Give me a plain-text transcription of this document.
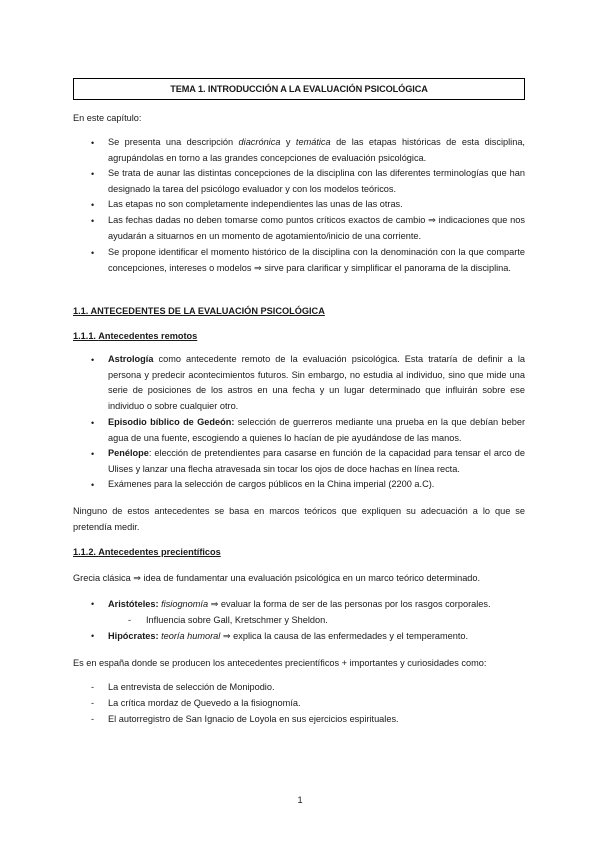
TEMA 1. INTRODUCCIÓN A LA EVALUACIÓN PSICOLÓGICA
En este capítulo:
• Se presenta una descripción diacrónica y temática de las etapas históricas de esta disciplina, agrupándolas en torno a las grandes concepciones de evaluación psicológica.
• Se trata de aunar las distintas concepciones de la disciplina con las diferentes terminologías que han designado la tarea del psicólogo evaluador y con los modelos teóricos.
• Las etapas no son completamente independientes las unas de las otras.
• Las fechas dadas no deben tomarse como puntos críticos exactos de cambio ⇒ indicaciones que nos ayudarán a situarnos en un momento de agotamiento/inicio de una corriente.
• Se propone identificar el momento histórico de la disciplina con la denominación con la que comparte concepciones, intereses o modelos ⇒ sirve para clarificar y simplificar el panorama de la disciplina.
1.1. ANTECEDENTES DE LA EVALUACIÓN PSICOLÓGICA
1.1.1. Antecedentes remotos
• Astrología como antecedente remoto de la evaluación psicológica. Esta trataría de definir a la persona y predecir acontecimientos futuros. Sin embargo, no estudia al individuo, sino que mide una serie de posiciones de los astros en una fecha y un lugar determinado que influirán sobre ese individuo o sobre cualquier otro.
• Episodio bíblico de Gedeón: selección de guerreros mediante una prueba en la que debían beber agua de una fuente, escogiendo a quienes lo hacían de pie ayudándose de las manos.
• Penélope: elección de pretendientes para casarse en función de la capacidad para tensar el arco de Ulises y lanzar una flecha atravesada sin tocar los ojos de doce hachas en línea recta.
• Exámenes para la selección de cargos públicos en la China imperial (2200 a.C).
Ninguno de estos antecedentes se basa en marcos teóricos que expliquen su adecuación a lo que se pretendía medir.
1.1.2. Antecedentes precientíficos
Grecia clásica ⇒ idea de fundamentar una evaluación psicológica en un marco teórico determinado.
• Aristóteles: fisiognomía ⇒ evaluar la forma de ser de las personas por los rasgos corporales.
- Influencia sobre Gall, Kretschmer y Sheldon.
• Hipócrates: teoría humoral ⇒ explica la causa de las enfermedades y el temperamento.
Es en españa donde se producen los antecedentes precientíficos + importantes y curiosidades como:
- La entrevista de selección de Monipodio.
- La crítica mordaz de Quevedo a la fisiognomía.
- El autorregistro de San Ignacio de Loyola en sus ejercicios espirituales.
1
